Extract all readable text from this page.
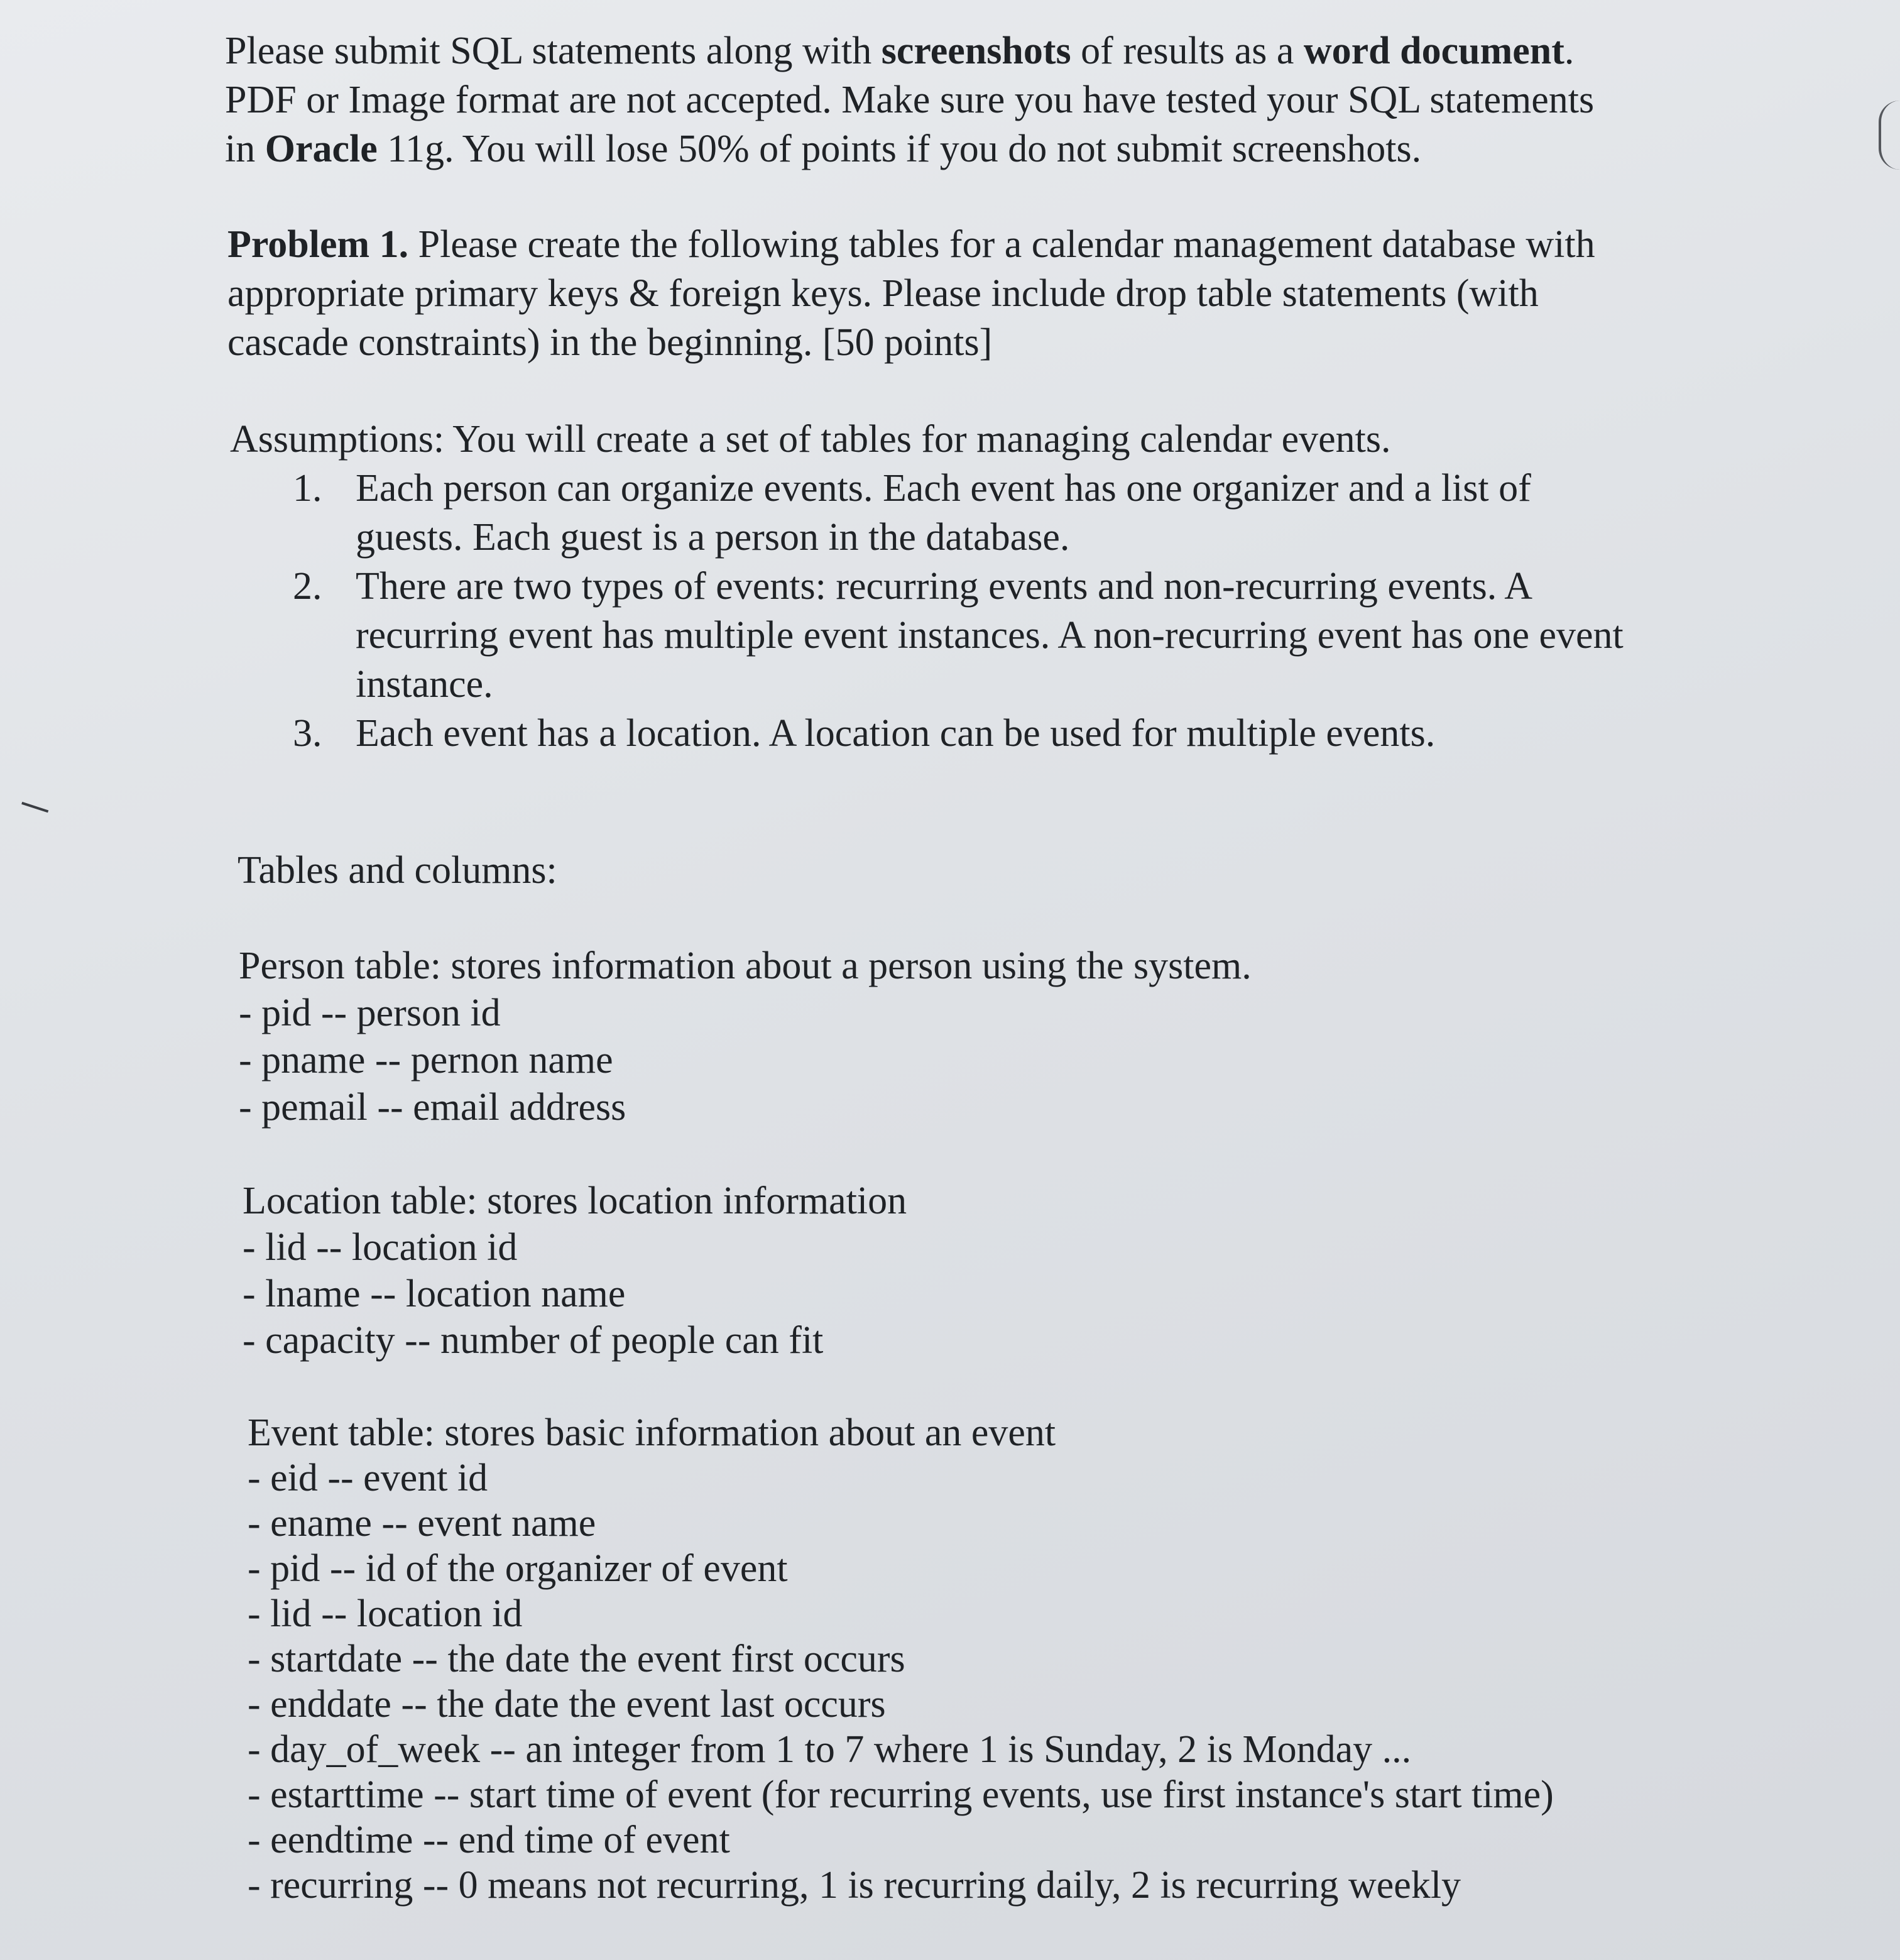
Please submit SQL statements along with screenshots of results as a word document.
PDF or Image format are not accepted. Make sure you have tested your SQL statements
in Oracle 11g. You will lose 50% of points if you do not submit screenshots.
Problem 1. Please create the following tables for a calendar management database with
appropriate primary keys & foreign keys. Please include drop table statements (with
cascade constraints) in the beginning. [50 points]
Assumptions: You will create a set of tables for managing calendar events.
1. Each person can organize events. Each event has one organizer and a list of
guests. Each guest is a person in the database.
2. There are two types of events: recurring events and non-recurring events. A
recurring event has multiple event instances. A non-recurring event has one event
instance.
3. Each event has a location. A location can be used for multiple events.
Tables and columns:
Person table: stores information about a person using the system.
- pid -- person id
- pname -- pernon name
- pemail -- email address
Location table: stores location information
- lid -- location id
- lname -- location name
- capacity -- number of people can fit
Event table: stores basic information about an event
- eid -- event id
- ename -- event name
- pid -- id of the organizer of event
- lid -- location id
- startdate -- the date the event first occurs
- enddate -- the date the event last occurs
- day_of_week -- an integer from 1 to 7 where 1 is Sunday, 2 is Monday ...
- estarttime -- start time of event (for recurring events, use first instance's start time)
- eendtime -- end time of event
- recurring -- 0 means not recurring, 1 is recurring daily, 2 is recurring weekly
